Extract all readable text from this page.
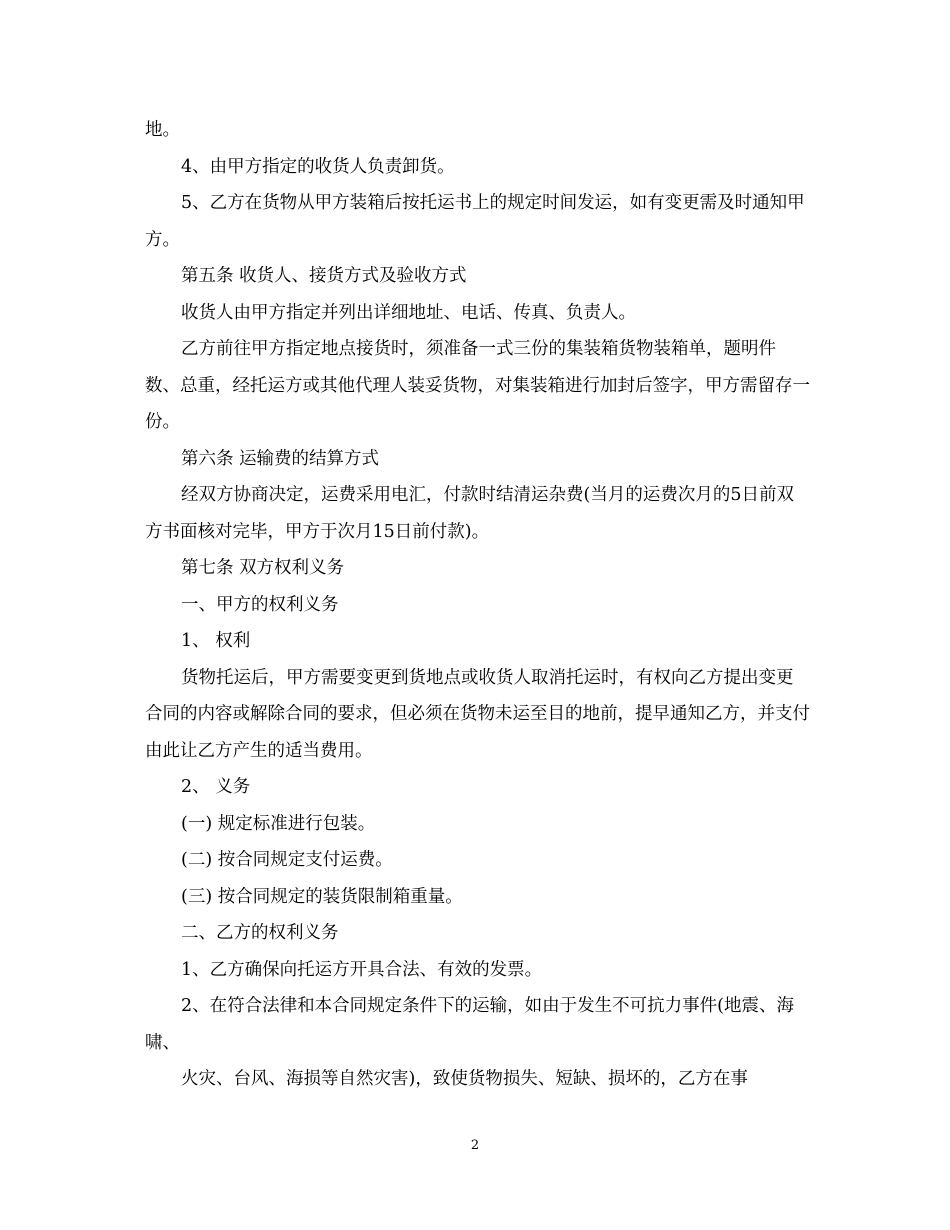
地。

4、由甲方指定的收货人负责卸货。

5、乙方在货物从甲方装箱后按托运书上的规定时间发运，如有变更需及时通知甲方。

第五条 收货人、接货方式及验收方式

收货人由甲方指定并列出详细地址、电话、传真、负责人。

乙方前往甲方指定地点接货时，须准备一式三份的集装箱货物装箱单，题明件数、总重，经托运方或其他代理人装妥货物，对集装箱进行加封后签字，甲方需留存一份。

第六条 运输费的结算方式

经双方协商决定，运费采用电汇，付款时结清运杂费(当月的运费次月的5日前双方书面核对完毕，甲方于次月15日前付款)。

第七条 双方权利义务

一、甲方的权利义务

1、 权利

货物托运后，甲方需要变更到货地点或收货人取消托运时，有权向乙方提出变更合同的内容或解除合同的要求，但必须在货物未运至目的地前，提早通知乙方，并支付由此让乙方产生的适当费用。

2、 义务

(一) 规定标准进行包装。

(二) 按合同规定支付运费。

(三) 按合同规定的装货限制箱重量。

二、乙方的权利义务

1、乙方确保向托运方开具合法、有效的发票。

2、在符合法律和本合同规定条件下的运输，如由于发生不可抗力事件(地震、海啸、

火灾、台风、海损等自然灾害)，致使货物损失、短缺、损坏的，乙方在事

2
